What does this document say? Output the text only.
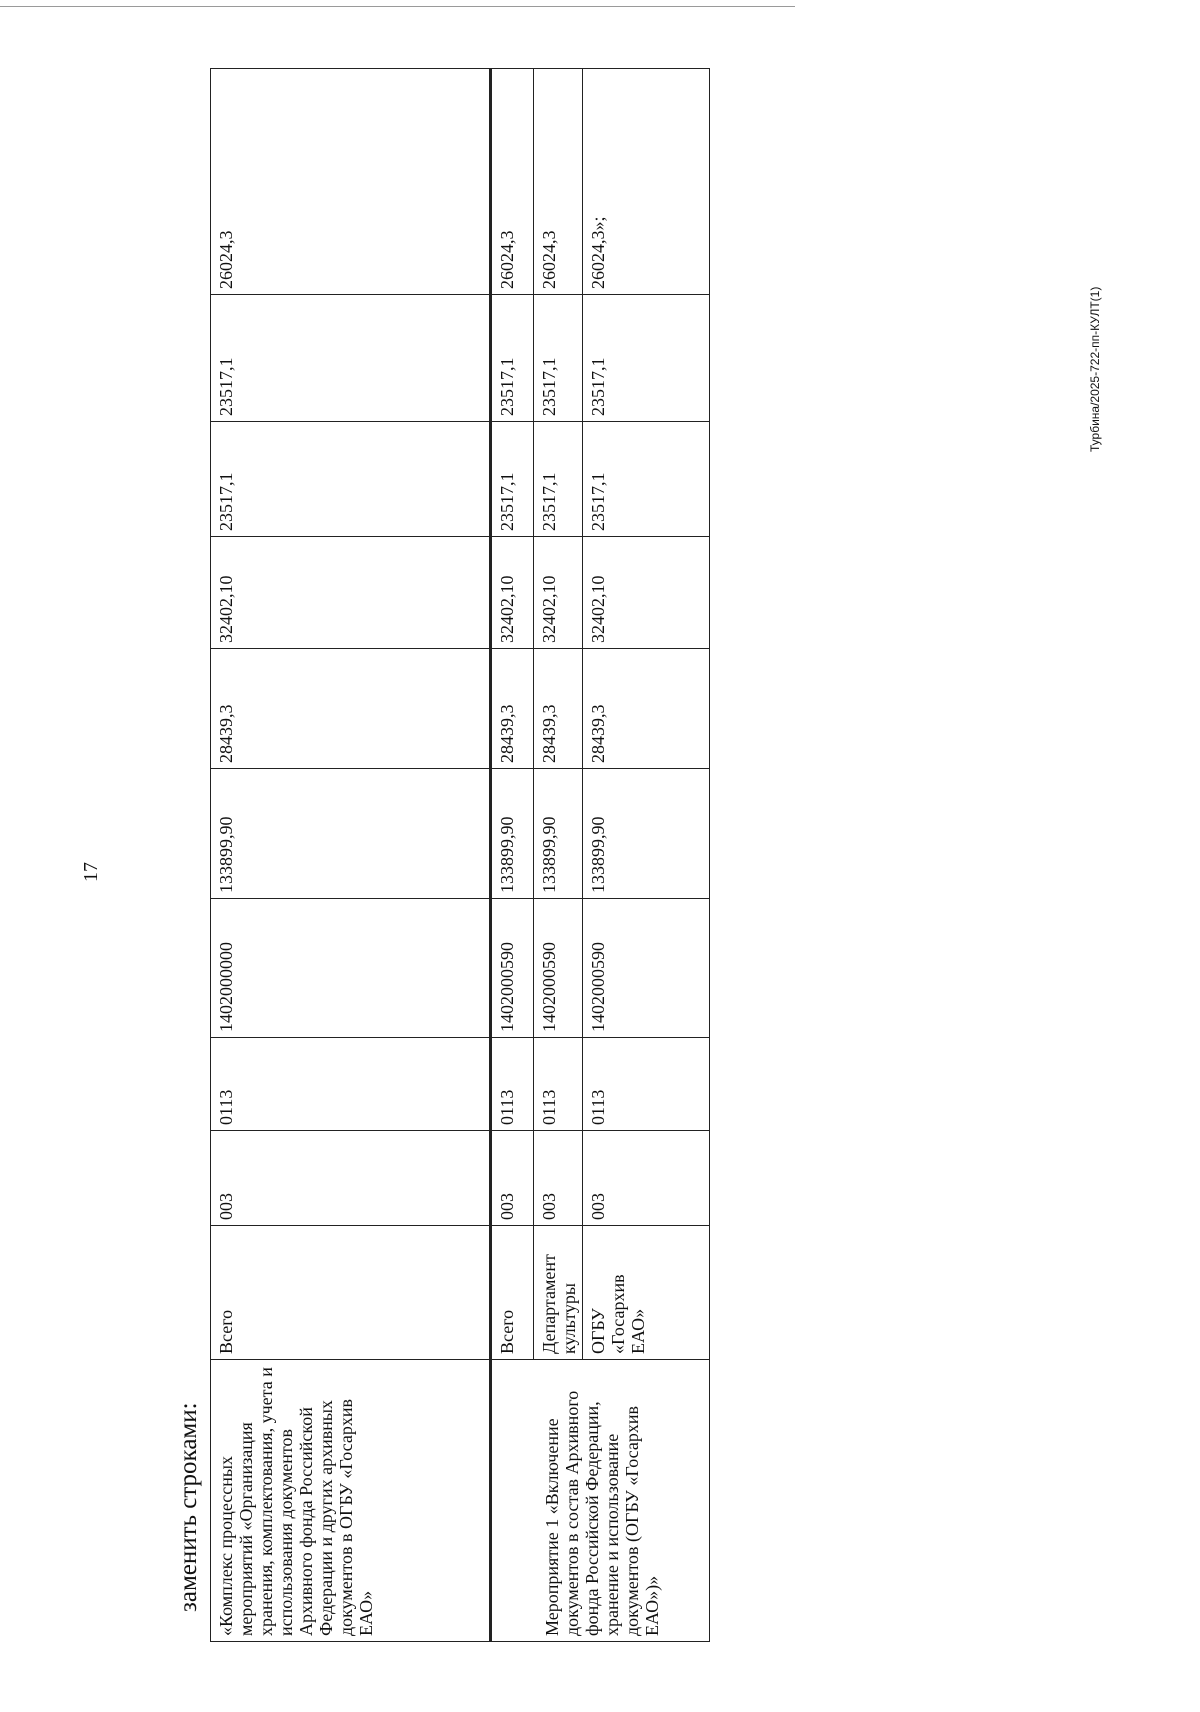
17
заменить строками:
Турбина/2025-722-пп-КУЛТ(1)
«Комплекс процессных мероприятий «Организация хранения, комплектования, учета и использования документов Архивного фонда Российской Федерации и других архивных документов в ОГБУ «Госархив ЕАО»	Всего	003	0113	1402000000	133899,90	28439,3	32402,10	23517,1	23517,1	26024,3
Мероприятие 1 «Включение документов в состав Архивного фонда Российской Федерации, хранение и использование документов (ОГБУ «Госархив ЕАО»)»	Всего	003	0113	1402000590	133899,90	28439,3	32402,10	23517,1	23517,1	26024,3
	Департамент культуры	003	0113	1402000590	133899,90	28439,3	32402,10	23517,1	23517,1	26024,3
	ОГБУ «Госархив ЕАО»	003	0113	1402000590	133899,90	28439,3	32402,10	23517,1	23517,1	26024,3»;
